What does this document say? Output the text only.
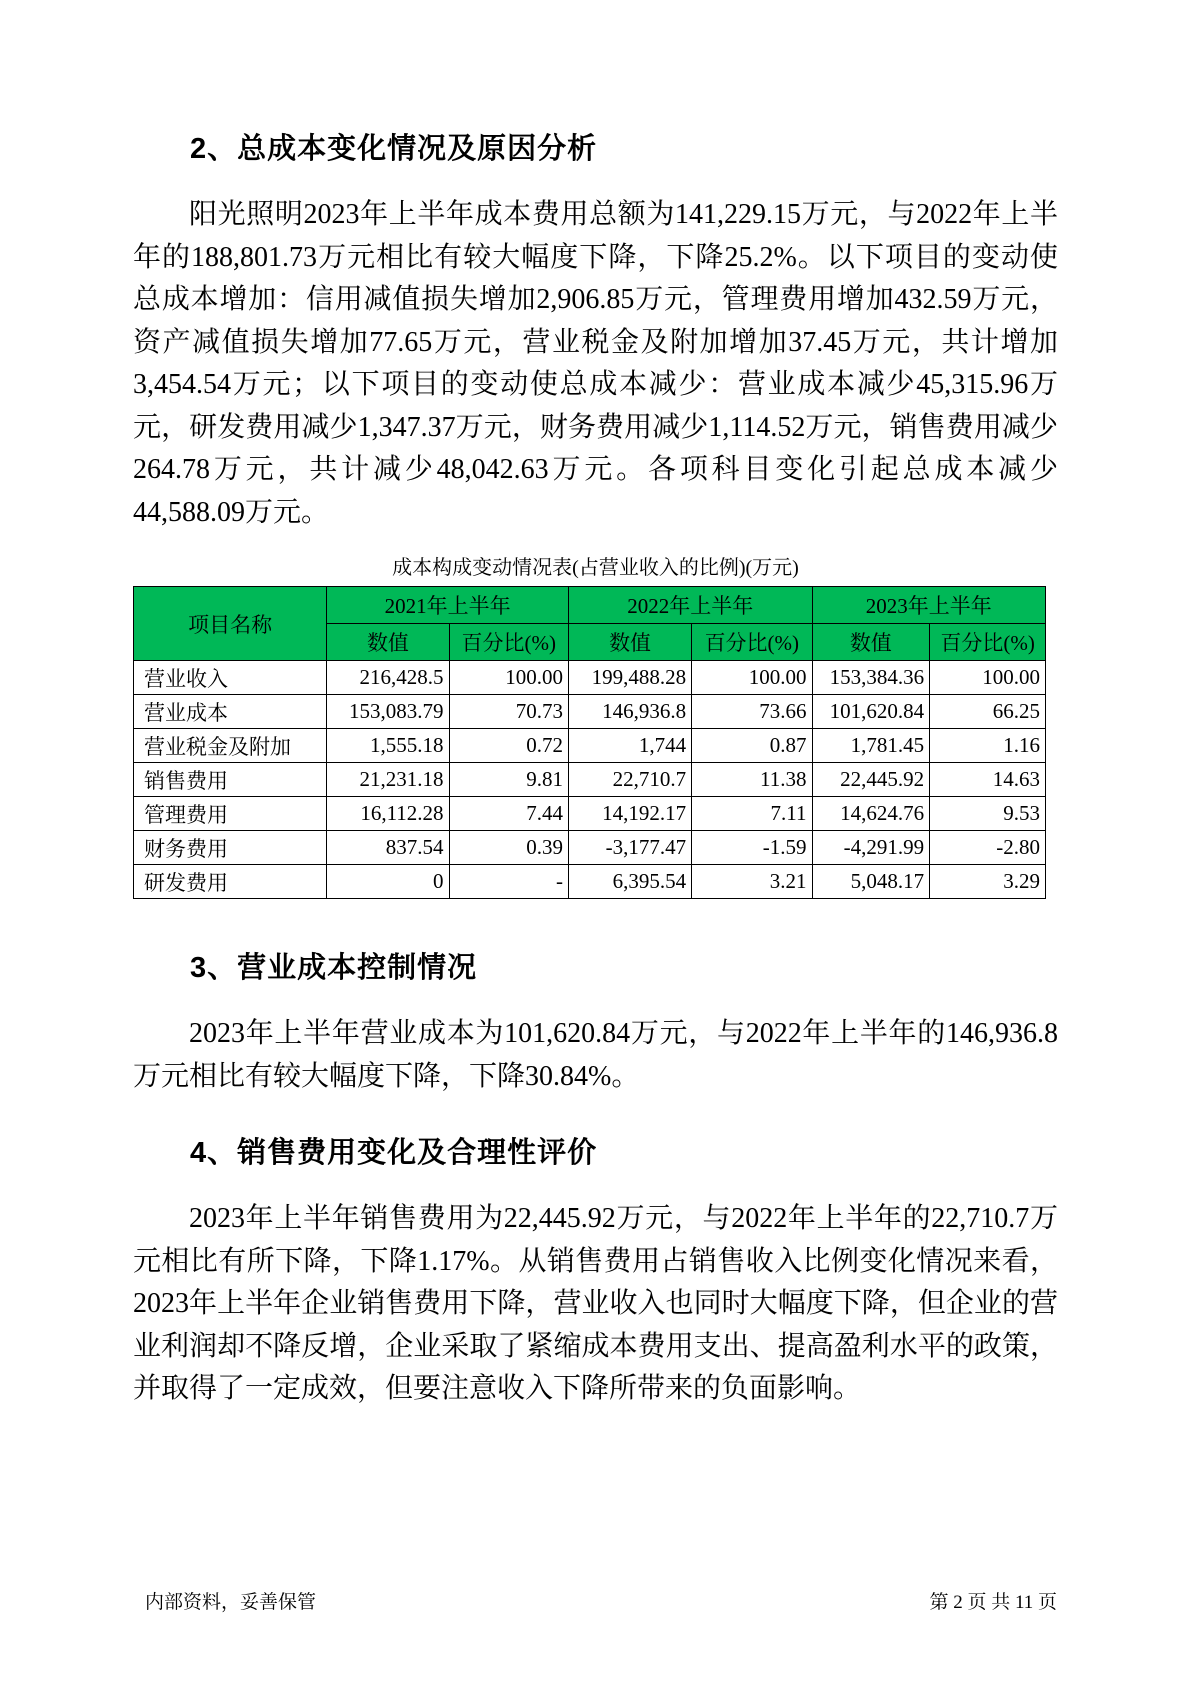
2、总成本变化情况及原因分析

阳光照明2023年上半年成本费用总额为141,229.15万元，与2022年上半年的188,801.73万元相比有较大幅度下降，下降25.2%。以下项目的变动使总成本增加：信用减值损失增加2,906.85万元，管理费用增加432.59万元，资产减值损失增加77.65万元，营业税金及附加增加37.45万元，共计增加3,454.54万元；以下项目的变动使总成本减少：营业成本减少45,315.96万元，研发费用减少1,347.37万元，财务费用减少1,114.52万元，销售费用减少264.78万元，共计减少48,042.63万元。各项科目变化引起总成本减少44,588.09万元。

成本构成变动情况表(占营业收入的比例)(万元)
项目名称	2021年上半年		2022年上半年		2023年上半年	
	数值	百分比(%)	数值	百分比(%)	数值	百分比(%)
营业收入	216,428.5	100.00	199,488.28	100.00	153,384.36	100.00
营业成本	153,083.79	70.73	146,936.8	73.66	101,620.84	66.25
营业税金及附加	1,555.18	0.72	1,744	0.87	1,781.45	1.16
销售费用	21,231.18	9.81	22,710.7	11.38	22,445.92	14.63
管理费用	16,112.28	7.44	14,192.17	7.11	14,624.76	9.53
财务费用	837.54	0.39	-3,177.47	-1.59	-4,291.99	-2.80
研发费用	0	-	6,395.54	3.21	5,048.17	3.29
3、营业成本控制情况

2023年上半年营业成本为101,620.84万元，与2022年上半年的146,936.8万元相比有较大幅度下降，下降30.84%。

4、销售费用变化及合理性评价

2023年上半年销售费用为22,445.92万元，与2022年上半年的22,710.7万元相比有所下降，下降1.17%。从销售费用占销售收入比例变化情况来看，2023年上半年企业销售费用下降，营业收入也同时大幅度下降，但企业的营业利润却不降反增，企业采取了紧缩成本费用支出、提高盈利水平的政策，并取得了一定成效，但要注意收入下降所带来的负面影响。

内部资料，妥善保管	第 2 页 共 11 页
